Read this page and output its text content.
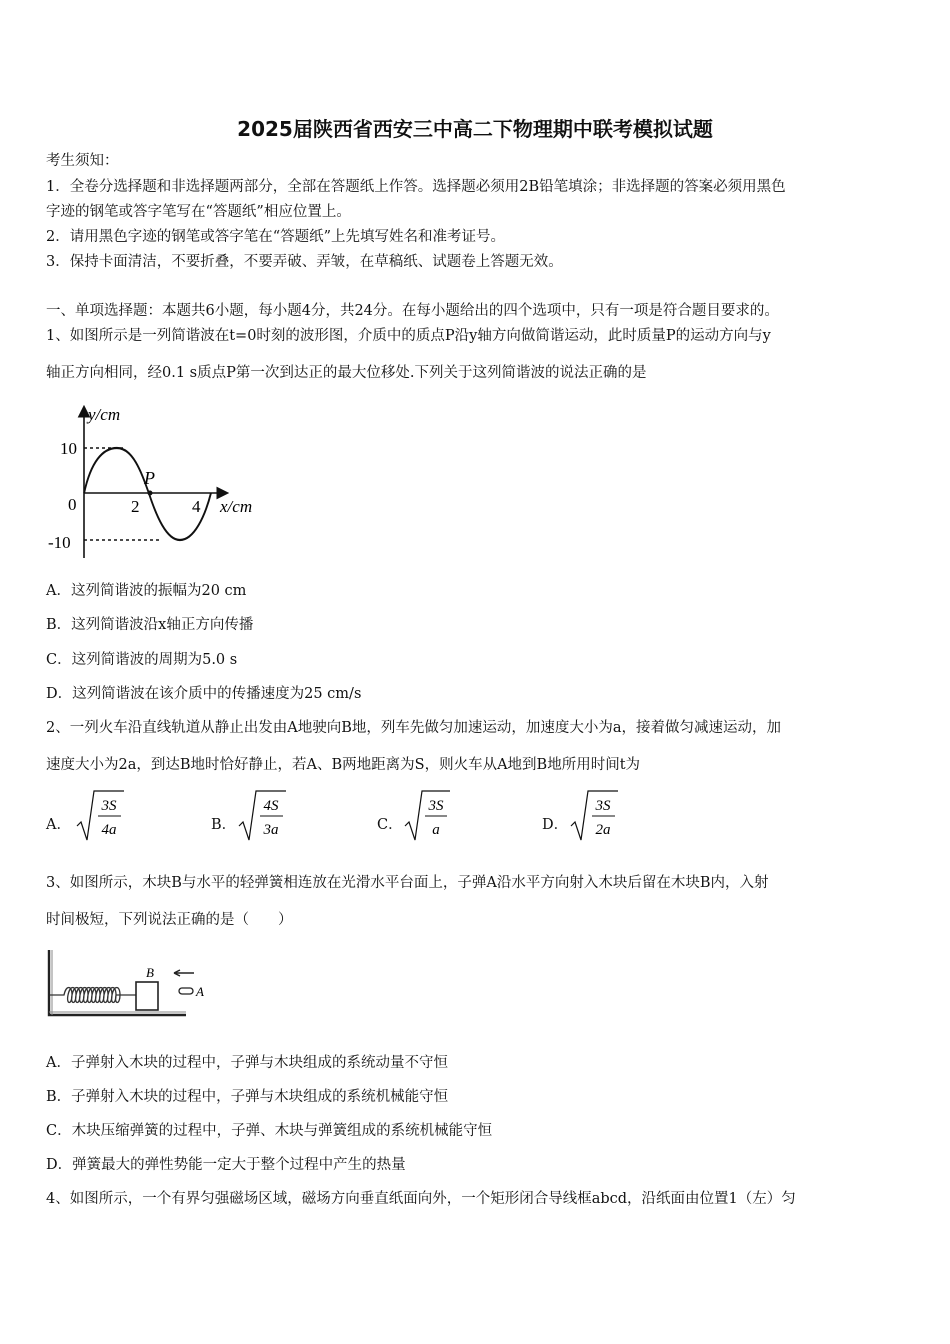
2025届陕西省西安三中高二下物理期中联考模拟试题
考生须知：
1．全卷分选择题和非选择题两部分，全部在答题纸上作答。选择题必须用2B铅笔填涂；非选择题的答案必须用黑色
字迹的钢笔或答字笔写在“答题纸”相应位置上。
2．请用黑色字迹的钢笔或答字笔在“答题纸”上先填写姓名和准考证号。
3．保持卡面清洁，不要折叠，不要弄破、弄皱，在草稿纸、试题卷上答题无效。
一、单项选择题：本题共6小题，每小题4分，共24分。在每小题给出的四个选项中，只有一项是符合题目要求的。
1、如图所示是一列简谐波在t=0时刻的波形图，介质中的质点P沿y轴方向做简谐运动，此时质量P的运动方向与y
轴正方向相同，经0.1 s质点P第一次到达正的最大位移处.下列关于这列简谐波的说法正确的是
y/cm
10
0
-10
P
2	4 x/cm
A．这列简谐波的振幅为20 cm
B．这列简谐波沿x轴正方向传播
C．这列简谐波的周期为5.0 s
D．这列简谐波在该介质中的传播速度为25 cm/s
2、一列火车沿直线轨道从静止出发由A地驶向B地，列车先做匀加速运动，加速度大小为a，接着做匀减速运动，加
速度大小为2a，到达B地时恰好静止，若A、B两地距离为S，则火车从A地到B地所用时间t为
A．
3S
4a	B．
4S
3a	C．
3S
a	D．
3S
2a
3、如图所示，木块B与水平的轻弹簧相连放在光滑水平台面上，子弹A沿水平方向射入木块后留在木块B内，入射
时间极短，下列说法正确的是（　　）
B
A
A．子弹射入木块的过程中，子弹与木块组成的系统动量不守恒
B．子弹射入木块的过程中，子弹与木块组成的系统机械能守恒
C．木块压缩弹簧的过程中，子弹、木块与弹簧组成的系统机械能守恒
D．弹簧最大的弹性势能一定大于整个过程中产生的热量
4、如图所示，一个有界匀强磁场区域，磁场方向垂直纸面向外，一个矩形闭合导线框abcd，沿纸面由位置1（左）匀
